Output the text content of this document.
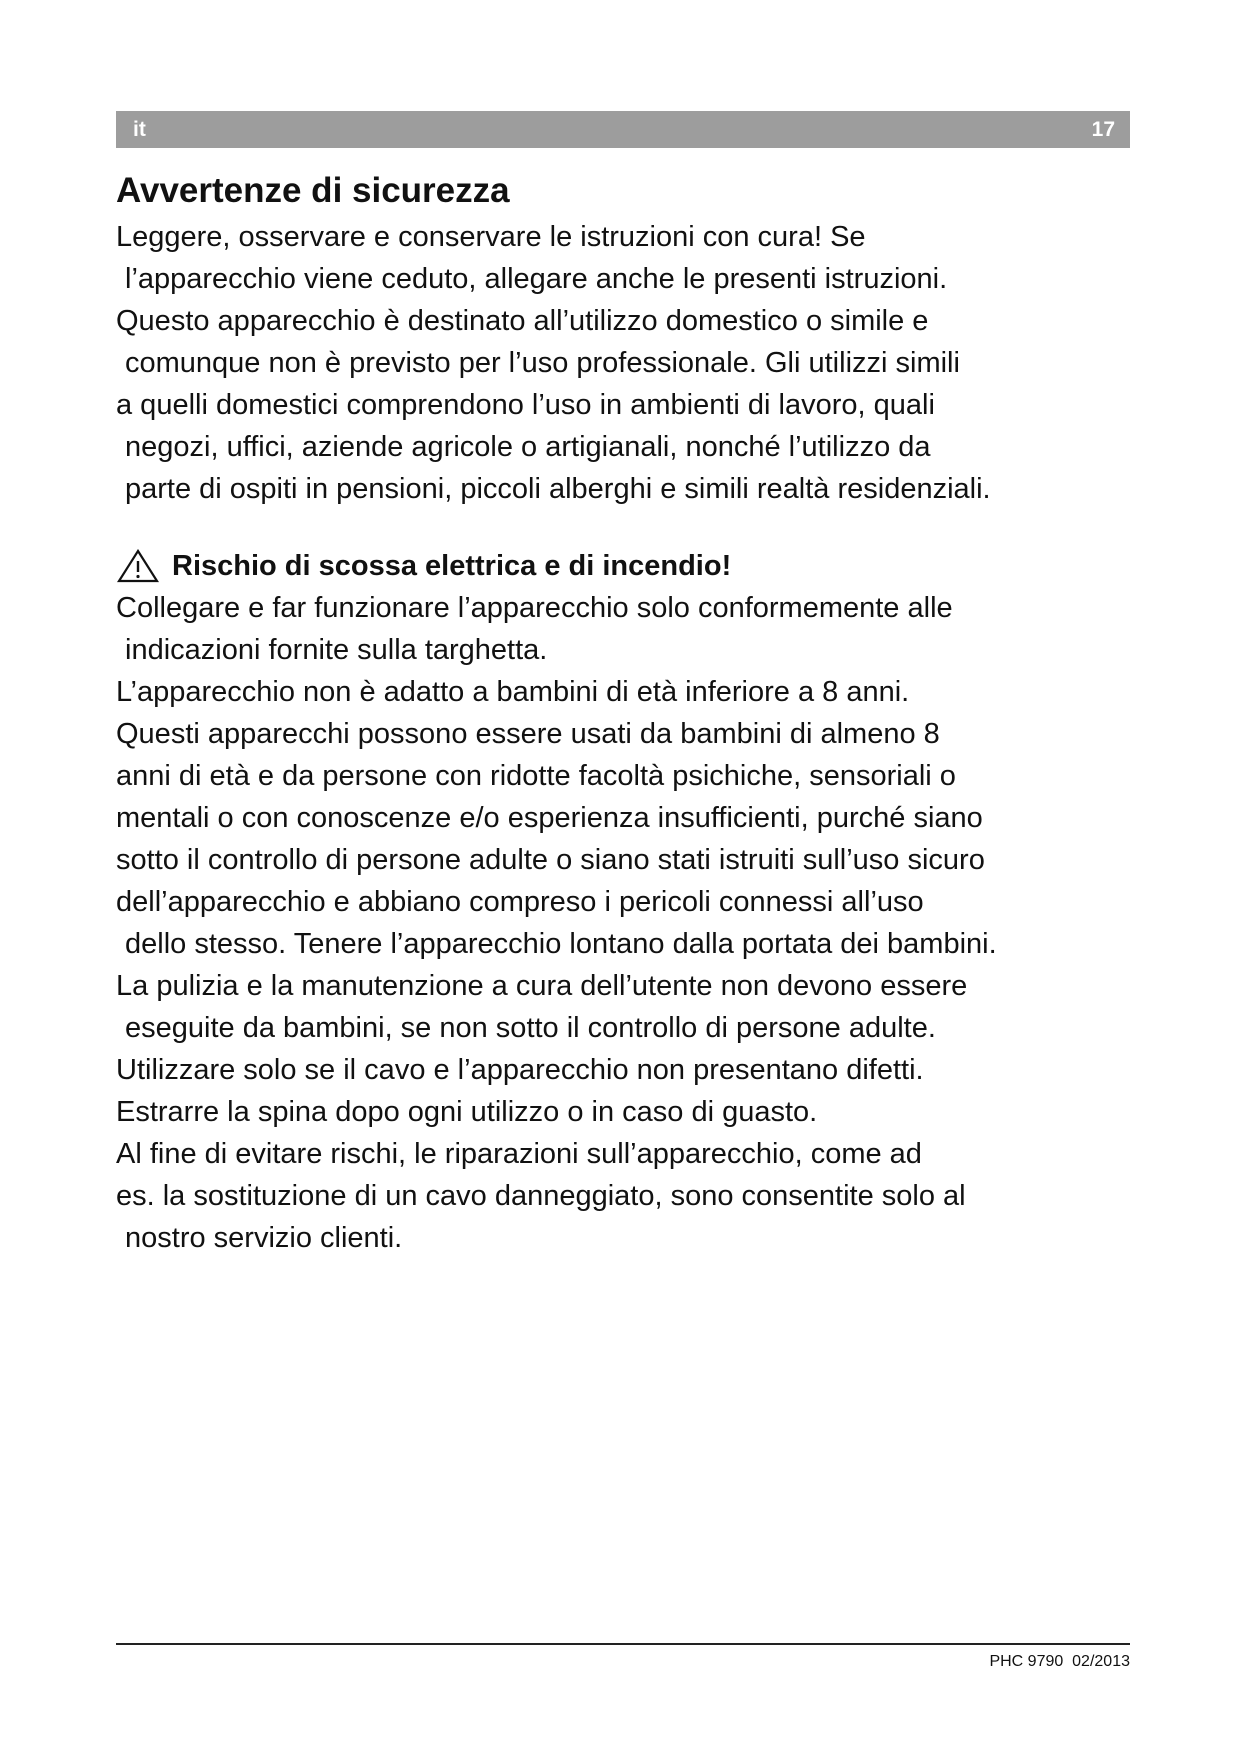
it	17
Avvertenze di sicurezza
Leggere, osservare e conservare le istruzioni con cura! Se
l’apparecchio viene ceduto, allegare anche le presenti istruzioni.
Questo apparecchio è destinato all’utilizzo domestico o simile e
comunque non è previsto per l’uso professionale. Gli utilizzi simili
a quelli domestici comprendono l’uso in ambienti di lavoro, quali
negozi, uffici, aziende agricole o artigianali, nonché l’utilizzo da
parte di ospiti in pensioni, piccoli alberghi e simili realtà residenziali.
Rischio di scossa elettrica e di incendio!
Collegare e far funzionare l’apparecchio solo conformemente alle
indicazioni fornite sulla targhetta.
L’apparecchio non è adatto a bambini di età inferiore a 8 anni.
Questi apparecchi possono essere usati da bambini di almeno 8
anni di età e da persone con ridotte facoltà psichiche, sensoriali o
mentali o con conoscenze e/o esperienza insufficienti, purché siano
sotto il controllo di persone adulte o siano stati istruiti sull’uso sicuro
dell’apparecchio e abbiano compreso i pericoli connessi all’uso
dello stesso. Tenere l’apparecchio lontano dalla portata dei bambini.
La pulizia e la manutenzione a cura dell’utente non devono essere
eseguite da bambini, se non sotto il controllo di persone adulte.
Utilizzare solo se il cavo e l’apparecchio non presentano difetti.
Estrarre la spina dopo ogni utilizzo o in caso di guasto.
Al fine di evitare rischi, le riparazioni sull’apparecchio, come ad
es. la sostituzione di un cavo danneggiato, sono consentite solo al
nostro servizio clienti.
PHC 9790 02/2013
